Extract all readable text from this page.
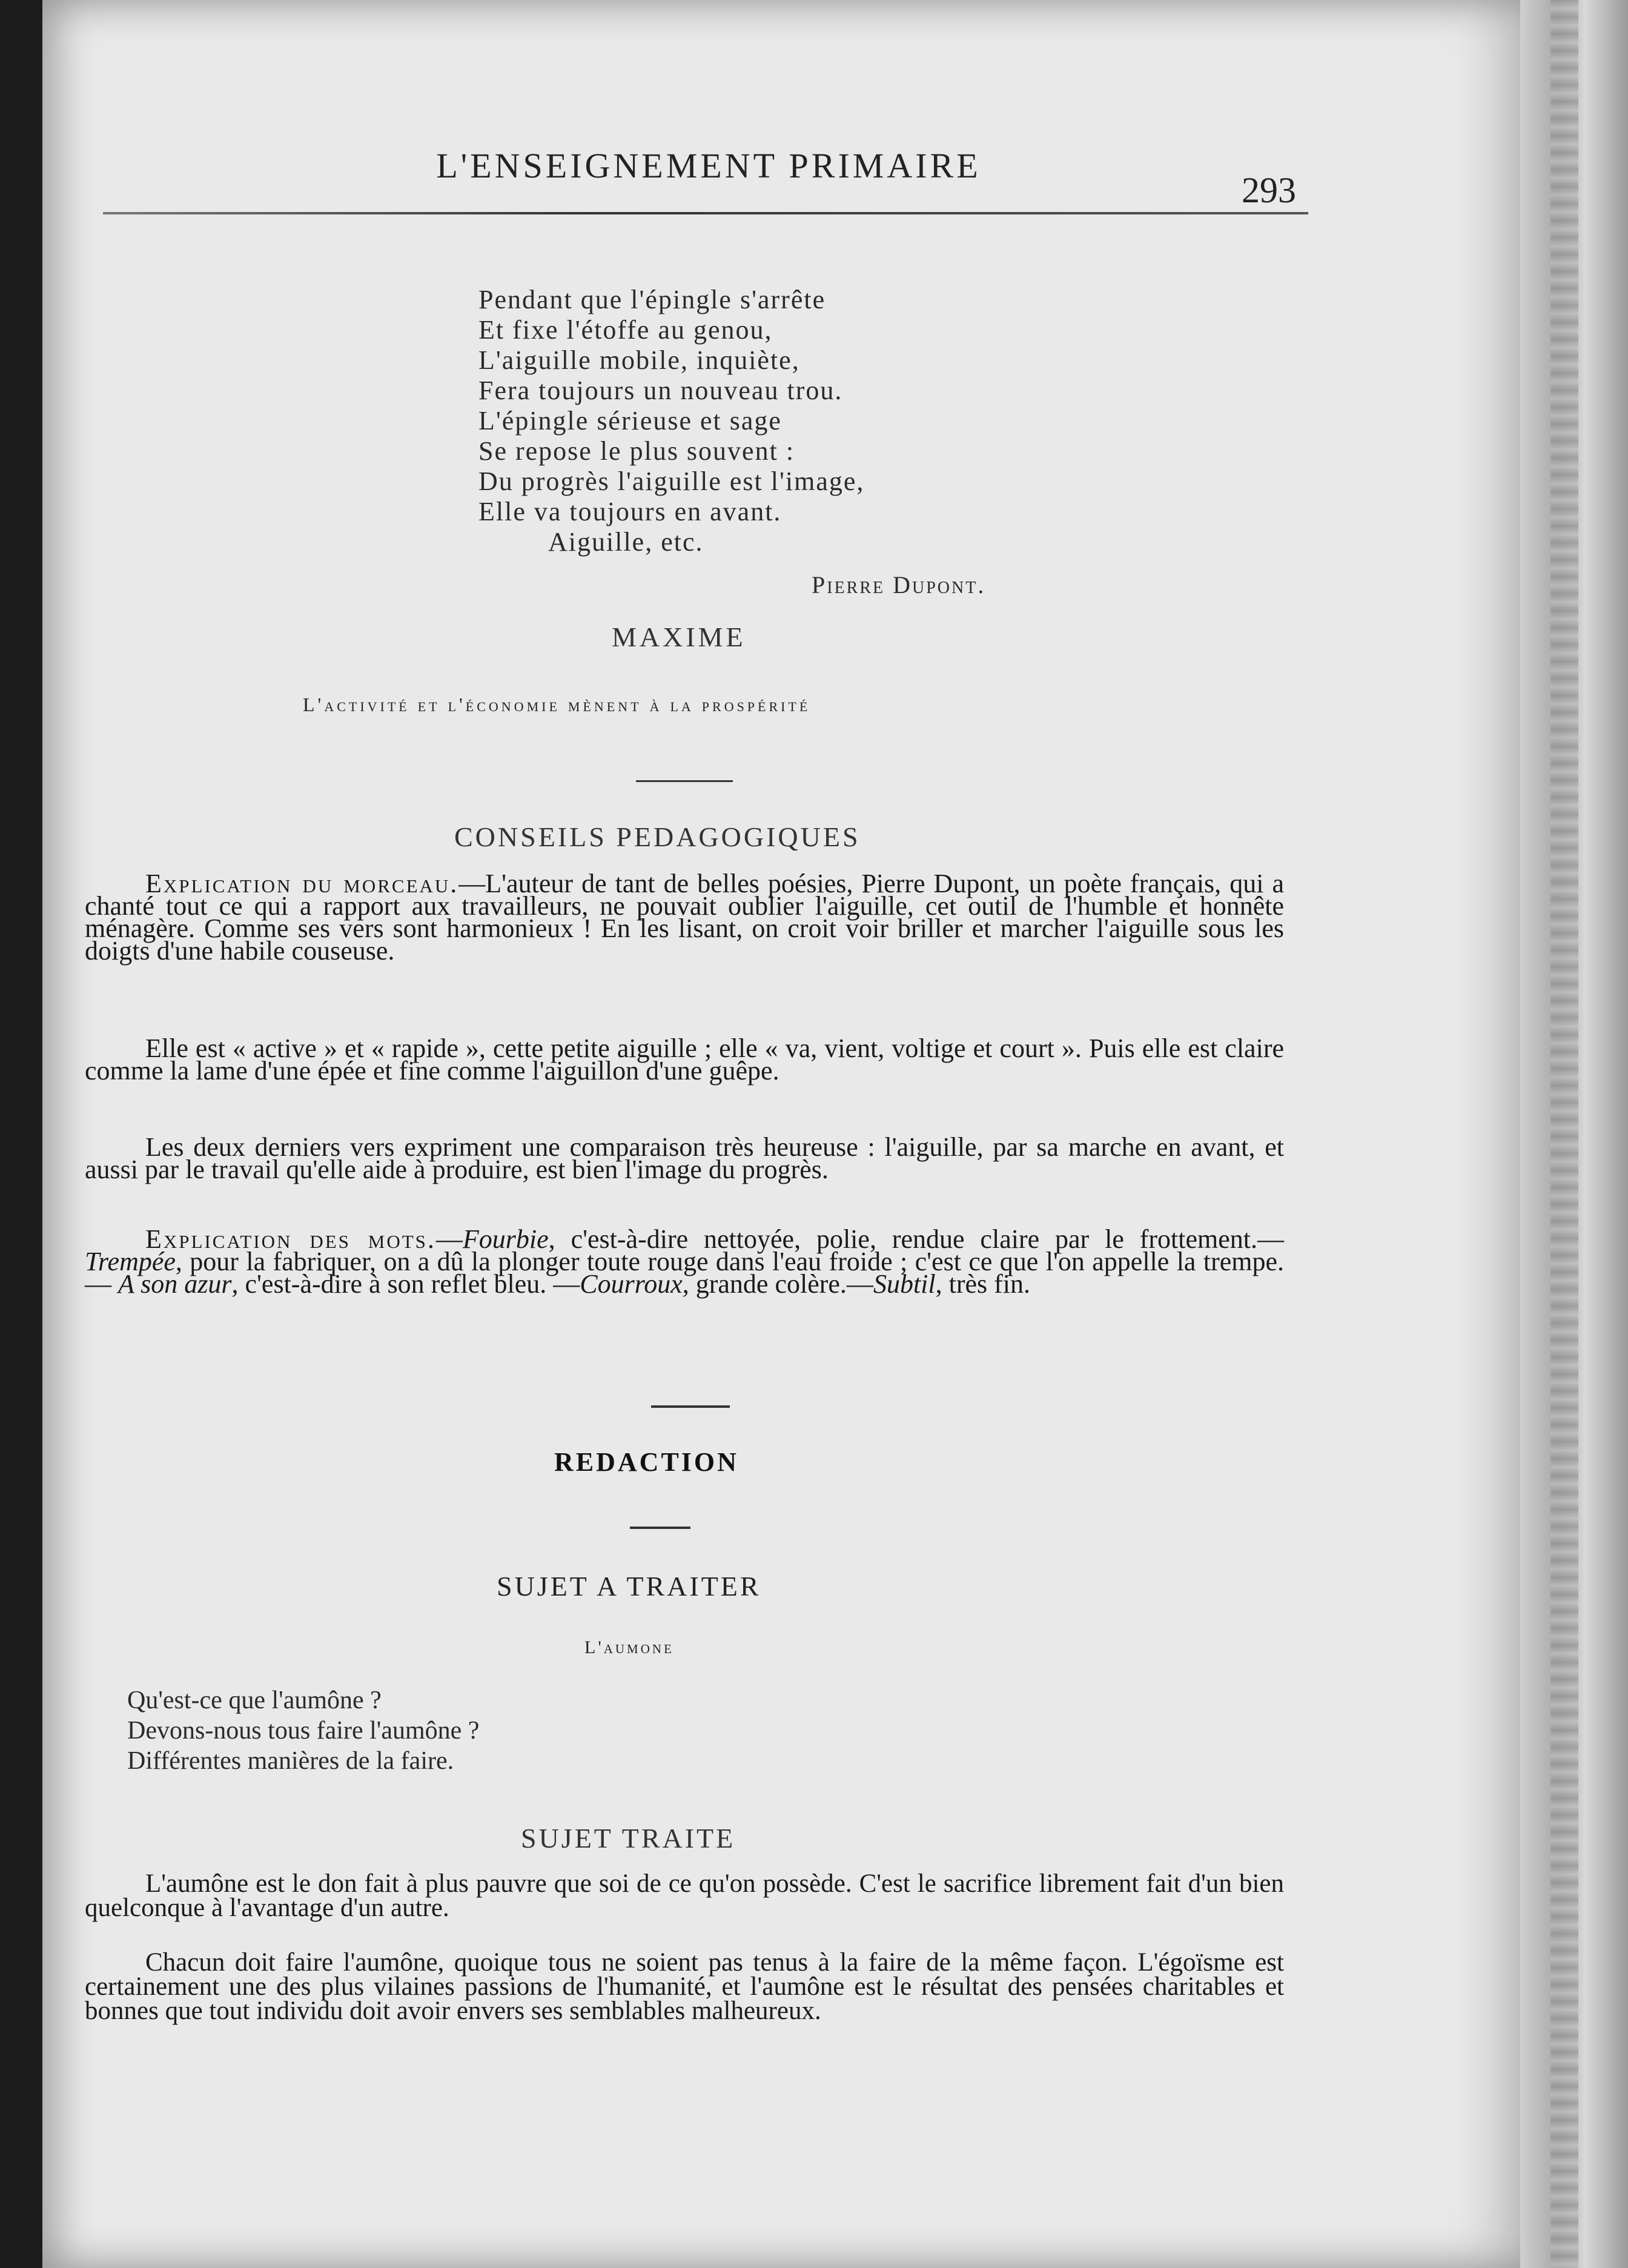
L'ENSEIGNEMENT PRIMAIRE
293
Pendant que l'épingle s'arrête
Et fixe l'étoffe au genou,
L'aiguille mobile, inquiète,
Fera toujours un nouveau trou.
L'épingle sérieuse et sage
Se repose le plus souvent :
Du progrès l'aiguille est l'image,
Elle va toujours en avant.
Aiguille, etc.
Pierre Dupont.
MAXIME
L'activité et l'économie mènent à la prospérité
CONSEILS PEDAGOGIQUES
Explication du morceau.—L'auteur de tant de belles poésies, Pierre Dupont, un poète français, qui a chanté tout ce qui a rapport aux travailleurs, ne pouvait oublier l'aiguille, cet outil de l'humble et honnête ménagère. Comme ses vers sont harmonieux ! En les lisant, on croit voir briller et marcher l'aiguille sous les doigts d'une habile couseuse.
Elle est « active » et « rapide », cette petite aiguille ; elle « va, vient, voltige et court ». Puis elle est claire comme la lame d'une épée et fine comme l'aiguillon d'une guêpe.
Les deux derniers vers expriment une comparaison très heureuse : l'aiguille, par sa marche en avant, et aussi par le travail qu'elle aide à produire, est bien l'image du progrès.
Explication des mots.—Fourbie, c'est-à-dire nettoyée, polie, rendue claire par le frottement.—Trempée, pour la fabriquer, on a dû la plonger toute rouge dans l'eau froide ; c'est ce que l'on appelle la trempe.— A son azur, c'est-à-dire à son reflet bleu. —Courroux, grande colère.—Subtil, très fin.
REDACTION
SUJET A TRAITER
L'aumone
Qu'est-ce que l'aumône ?
Devons-nous tous faire l'aumône ?
Différentes manières de la faire.
SUJET TRAITE
L'aumône est le don fait à plus pauvre que soi de ce qu'on possède. C'est le sacrifice librement fait d'un bien quelconque à l'avantage d'un autre.
Chacun doit faire l'aumône, quoique tous ne soient pas tenus à la faire de la même façon. L'égoïsme est certainement une des plus vilaines passions de l'humanité, et l'aumône est le résultat des pensées charitables et bonnes que tout individu doit avoir envers ses semblables malheureux.
